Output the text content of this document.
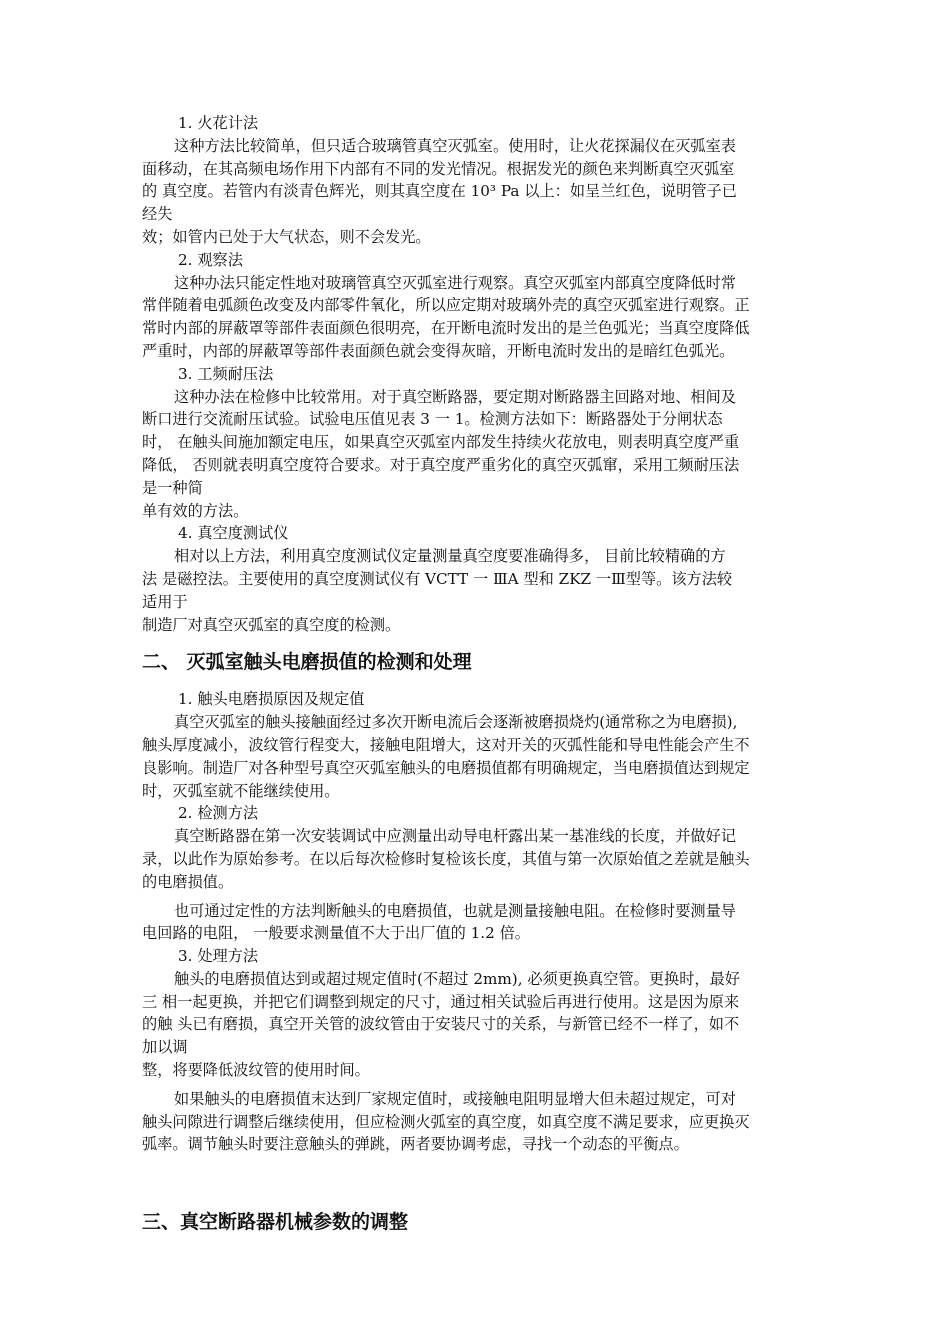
1. 火花计法
这种方法比较简单，但只适合玻璃管真空灭弧室。使用时，让火花探漏仪在灭弧室表
面移动，在其高频电场作用下内部有不同的发光情况。根据发光的颜色来判断真空灭弧室
的 真空度。若管内有淡青色辉光，则其真空度在 10³ Pa 以上：如呈兰红色，说明管子已
经失
效；如管内已处于大气状态，则不会发光。
2. 观察法
这种办法只能定性地对玻璃管真空灭弧室进行观察。真空灭弧室内部真空度降低时常
常伴随着电弧颜色改变及内部零件氧化，所以应定期对玻璃外壳的真空灭弧室进行观察。正
常时内部的屏蔽罩等部件表面颜色很明亮，在开断电流时发出的是兰色弧光；当真空度降低
严重时，内部的屏蔽罩等部件表面颜色就会变得灰暗，开断电流时发出的是暗红色弧光。
3. 工频耐压法
这种办法在检修中比较常用。对于真空断路器，要定期对断路器主回路对地、相间及
断口进行交流耐压试验。试验电压值见表 3 一 1。检测方法如下：断路器处于分闸状态
时， 在触头间施加额定电压，如果真空灭弧室内部发生持续火花放电，则表明真空度严重
降低， 否则就表明真空度符合要求。对于真空度严重劣化的真空灭弧窜，采用工频耐压法
是一种简
单有效的方法。
4. 真空度测试仪
相对以上方法，利用真空度测试仪定量测量真空度要准确得多， 目前比较精确的方
法 是磁控法。主要使用的真空度测试仪有 VCTT 一 ⅢA 型和 ZKZ 一Ⅲ型等。该方法较
适用于
制造厂对真空灭弧室的真空度的检测。
二、 灭弧室触头电磨损值的检测和处理
1. 触头电磨损原因及规定值
真空灭弧室的触头接触面经过多次开断电流后会逐渐被磨损烧灼(通常称之为电磨损),
触头厚度减小，波纹管行程变大，接触电阻增大，这对开关的灭弧性能和导电性能会产生不
良影响。制造厂对各种型号真空灭弧室触头的电磨损值都有明确规定，当电磨损值达到规定
时，灭弧室就不能继续使用。
2. 检测方法
真空断路器在第一次安装调试中应测量出动导电杆露出某一基准线的长度，并做好记
录，以此作为原始参考。在以后每次检修时复检该长度，其值与第一次原始值之差就是触头
的电磨损值。
也可通过定性的方法判断触头的电磨损值，也就是测量接触电阻。在检修时要测量导
电回路的电阻， 一般要求测量值不大于出厂值的 1.2 倍。
3. 处理方法
触头的电磨损值达到或超过规定值时(不超过 2mm), 必须更换真空管。更换时，最好
三 相一起更换，并把它们调整到规定的尺寸，通过相关试验后再进行使用。这是因为原来
的触 头已有磨损，真空开关管的波纹管由于安装尺寸的关系，与新管已经不一样了，如不
加以调
整，将要降低波纹管的使用时间。
如果触头的电磨损值末达到厂家规定值时，或接触电阻明显增大但未超过规定，可对
触头问隙进行调整后继续使用，但应检测火弧室的真空度，如真空度不满足要求，应更换灭
弧率。调节触头时要注意触头的弹跳，两者要协调考虑，寻找一个动态的平衡点。
三、真空断路器机械参数的调整
